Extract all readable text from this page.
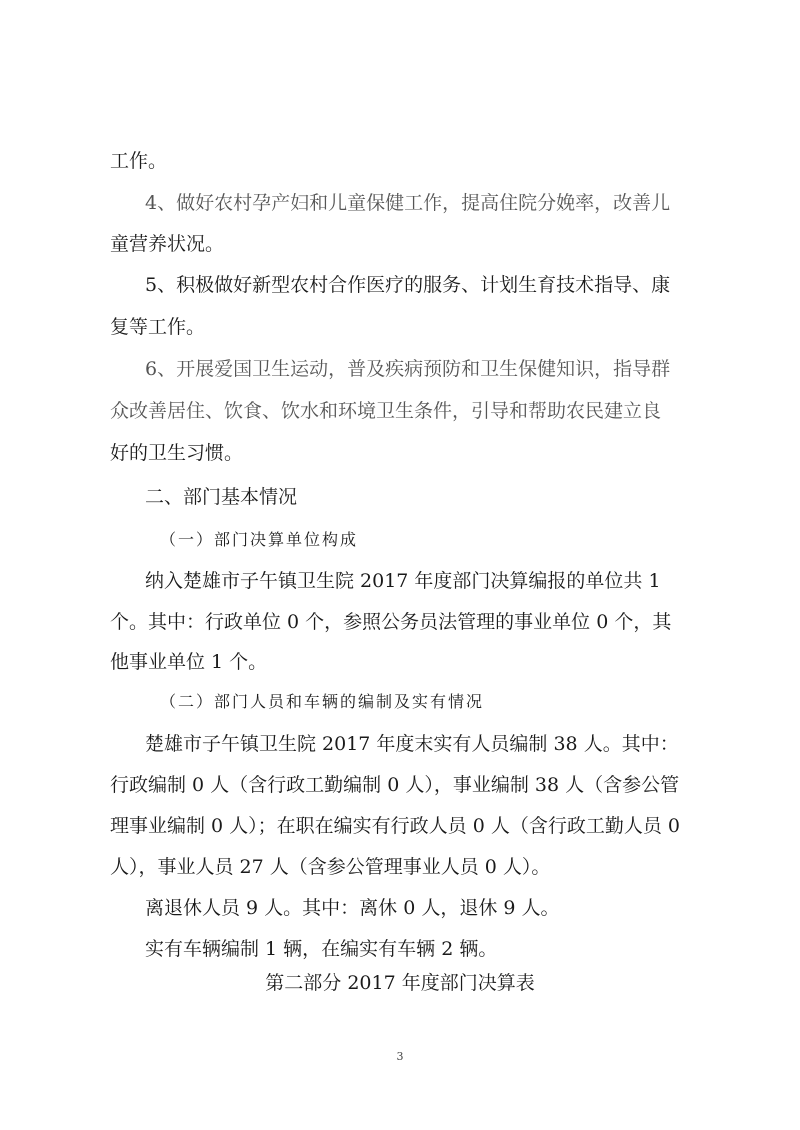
工作。
4、做好农村孕产妇和儿童保健工作，提高住院分娩率，改善儿
童营养状况。
5、积极做好新型农村合作医疗的服务、计划生育技术指导、康
复等工作。
6、开展爱国卫生运动，普及疾病预防和卫生保健知识，指导群
众改善居住、饮食、饮水和环境卫生条件，引导和帮助农民建立良
好的卫生习惯。
二、部门基本情况
（一）部门决算单位构成
纳入楚雄市子午镇卫生院 2017 年度部门决算编报的单位共 1
个。其中：行政单位 0 个，参照公务员法管理的事业单位 0 个，其
他事业单位 1 个。
（二）部门人员和车辆的编制及实有情况
楚雄市子午镇卫生院 2017 年度末实有人员编制 38 人。其中：
行政编制 0 人（含行政工勤编制 0 人），事业编制 38 人（含参公管
理事业编制 0 人）；在职在编实有行政人员 0 人（含行政工勤人员 0
人），事业人员 27 人（含参公管理事业人员 0 人）。
离退休人员 9 人。其中：离休 0 人，退休 9 人。
实有车辆编制 1 辆，在编实有车辆 2 辆。
第二部分 2017 年度部门决算表
3
